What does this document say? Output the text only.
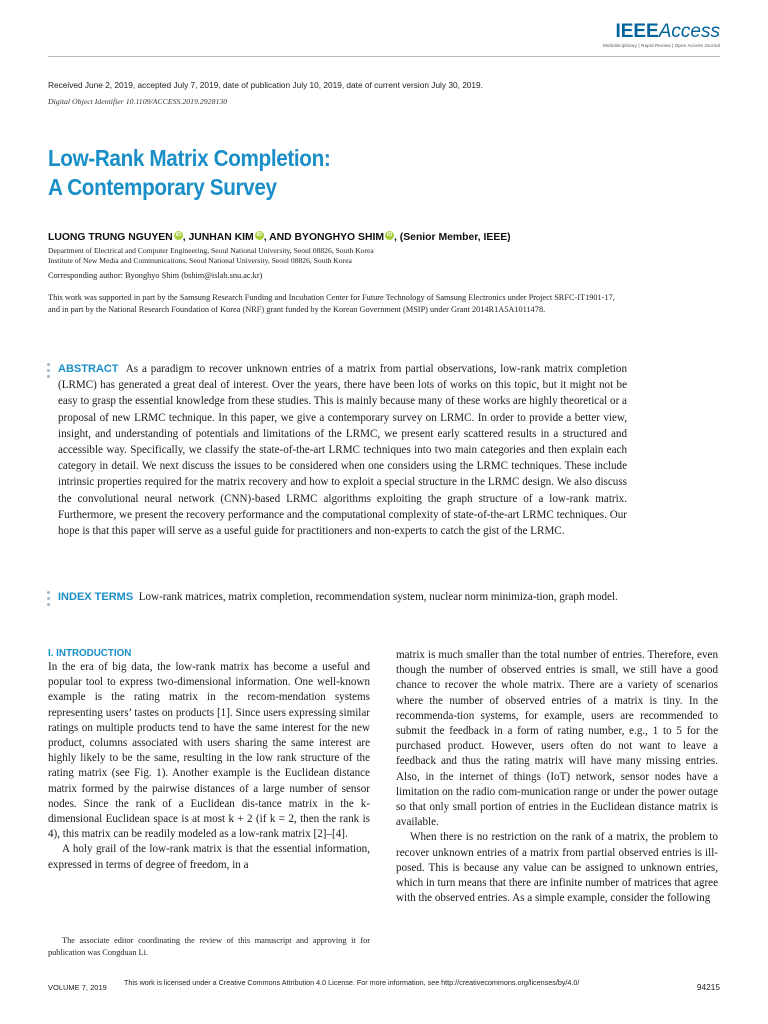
IEEEAccess
Multidisciplinary | Rapid Review | Open Access Journal
Received June 2, 2019, accepted July 7, 2019, date of publication July 10, 2019, date of current version July 30, 2019.
Digital Object Identifier 10.1109/ACCESS.2019.2928130
Low-Rank Matrix Completion:
A Contemporary Survey
LUONG TRUNG NGUYEN iD , JUNHAN KIM iD , AND BYONGHYO SHIM iD , (Senior Member, IEEE)
Department of Electrical and Computer Engineering, Seoul National University, Seoul 08826, South Korea
Institute of New Media and Communications, Seoul National University, Seoul 08826, South Korea
Corresponding author: Byonghyo Shim (bshim@islab.snu.ac.kr)
This work was supported in part by the Samsung Research Funding and Incubation Center for Future Technology of Samsung Electronics under Project SRFC-IT1901-17, and in part by the National Research Foundation of Korea (NRF) grant funded by the Korean Government (MSIP) under Grant 2014R1A5A1011478.
ABSTRACT As a paradigm to recover unknown entries of a matrix from partial observations, low-rank matrix completion (LRMC) has generated a great deal of interest. Over the years, there have been lots of works on this topic, but it might not be easy to grasp the essential knowledge from these studies. This is mainly because many of these works are highly theoretical or a proposal of new LRMC technique. In this paper, we give a contemporary survey on LRMC. In order to provide a better view, insight, and understanding of potentials and limitations of the LRMC, we present early scattered results in a structured and accessible way. Specifically, we classify the state-of-the-art LRMC techniques into two main categories and then explain each category in detail. We next discuss the issues to be considered when one considers using the LRMC techniques. These include intrinsic properties required for the matrix recovery and how to exploit a special structure in the LRMC design. We also discuss the convolutional neural network (CNN)-based LRMC algorithms exploiting the graph structure of a low-rank matrix. Furthermore, we present the recovery performance and the computational complexity of state-of-the-art LRMC techniques. Our hope is that this paper will serve as a useful guide for practitioners and non-experts to catch the gist of the LRMC.
INDEX TERMS Low-rank matrices, matrix completion, recommendation system, nuclear norm minimiza-tion, graph model.
I. INTRODUCTION

In the era of big data, the low-rank matrix has become a useful and popular tool to express two-dimensional information. One well-known example is the rating matrix in the recom-mendation systems representing users’ tastes on products [1]. Since users expressing similar ratings on multiple products tend to have the same interest for the new product, columns associated with users sharing the same interest are highly likely to be the same, resulting in the low rank structure of the rating matrix (see Fig. 1). Another example is the Euclidean distance matrix formed by the pairwise distances of a large number of sensor nodes. Since the rank of a Euclidean dis-tance matrix in the k-dimensional Euclidean space is at most k + 2 (if k = 2, then the rank is 4), this matrix can be readily modeled as a low-rank matrix [2]–[4].

A holy grail of the low-rank matrix is that the essential information, expressed in terms of degree of freedom, in a

matrix is much smaller than the total number of entries. Therefore, even though the number of observed entries is small, we still have a good chance to recover the whole matrix. There are a variety of scenarios where the number of observed entries of a matrix is tiny. In the recommenda-tion systems, for example, users are recommended to submit the feedback in a form of rating number, e.g., 1 to 5 for the purchased product. However, users often do not want to leave a feedback and thus the rating matrix will have many missing entries. Also, in the internet of things (IoT) network, sensor nodes have a limitation on the radio com-munication range or under the power outage so that only small portion of entries in the Euclidean distance matrix is available.

When there is no restriction on the rank of a matrix, the problem to recover unknown entries of a matrix from partial observed entries is ill-posed. This is because any value can be assigned to unknown entries, which in turn means that there are infinite number of matrices that agree with the observed entries. As a simple example, consider the following

The associate editor coordinating the review of this manuscript and approving it for publication was Congduan Li.
VOLUME 7, 2019
This work is licensed under a Creative Commons Attribution 4.0 License. For more information, see http://creativecommons.org/licenses/by/4.0/	94215
